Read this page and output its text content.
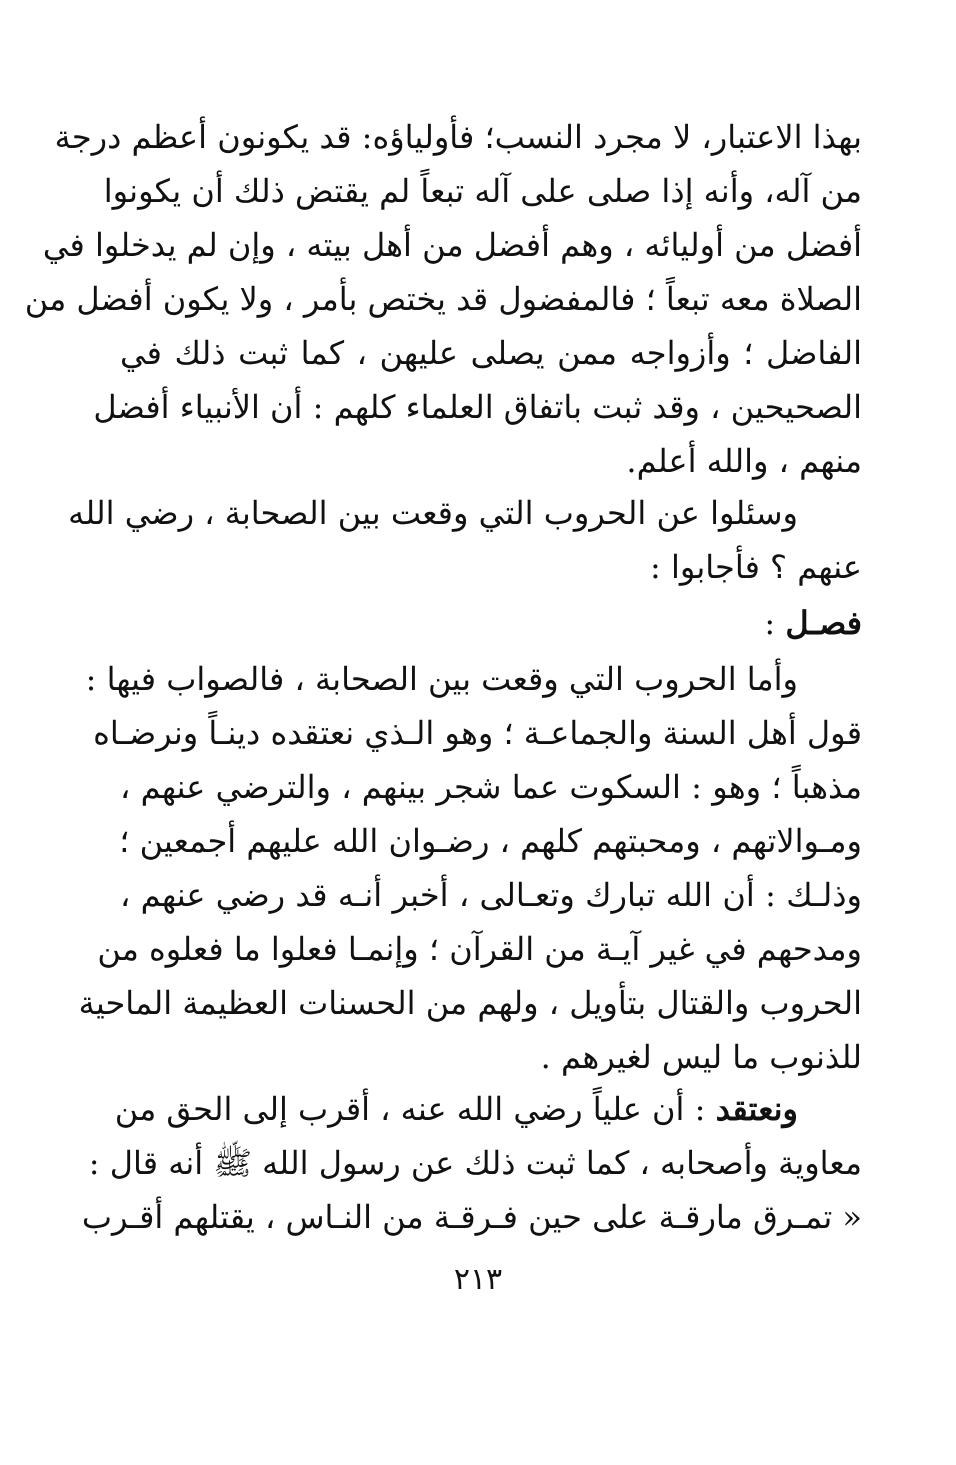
بهذا الاعتبار، لا مجرد النسب؛ فأولياؤه: قد يكونون أعظم درجة
من آله، وأنه إذا صلى على آله تبعاً لم يقتض ذلك أن يكونوا
أفضل من أوليائه ، وهم أفضل من أهل بيته ، وإن لم يدخلوا في
الصلاة معه تبعاً ؛ فالمفضول قد يختص بأمر ، ولا يكون أفضل من
الفاضل ؛ وأزواجه ممن يصلى عليهن ، كما ثبت ذلك في
الصحيحين ، وقد ثبت باتفاق العلماء كلهم : أن الأنبياء أفضل
منهم ، والله أعلم.
وسئلوا عن الحروب التي وقعت بين الصحابة ، رضي الله
عنهم ؟ فأجابوا :
فصـل :
وأما الحروب التي وقعت بين الصحابة ، فالصواب فيها :
قول أهل السنة والجماعـة ؛ وهو الـذي نعتقده دينـاً ونرضـاه
مذهباً ؛ وهو : السكوت عما شجر بينهم ، والترضي عنهم ،
ومـوالاتهم ، ومحبتهم كلهم ، رضـوان الله عليهم أجمعين ؛
وذلـك : أن الله تبارك وتعـالى ، أخبر أنـه قد رضي عنهم ،
ومدحهم في غير آيـة من القرآن ؛ وإنمـا فعلوا ما فعلوه من
الحروب والقتال بتأويل ، ولهم من الحسنات العظيمة الماحية
للذنوب ما ليس لغيرهم .
ونعتقد : أن علياً رضي الله عنه ، أقرب إلى الحق من
معاوية وأصحابه ، كما ثبت ذلك عن رسول الله ﷺ أنه قال :
« تمـرق مارقـة على حين فـرقـة من النـاس ، يقتلهم أقـرب
٢١٣
